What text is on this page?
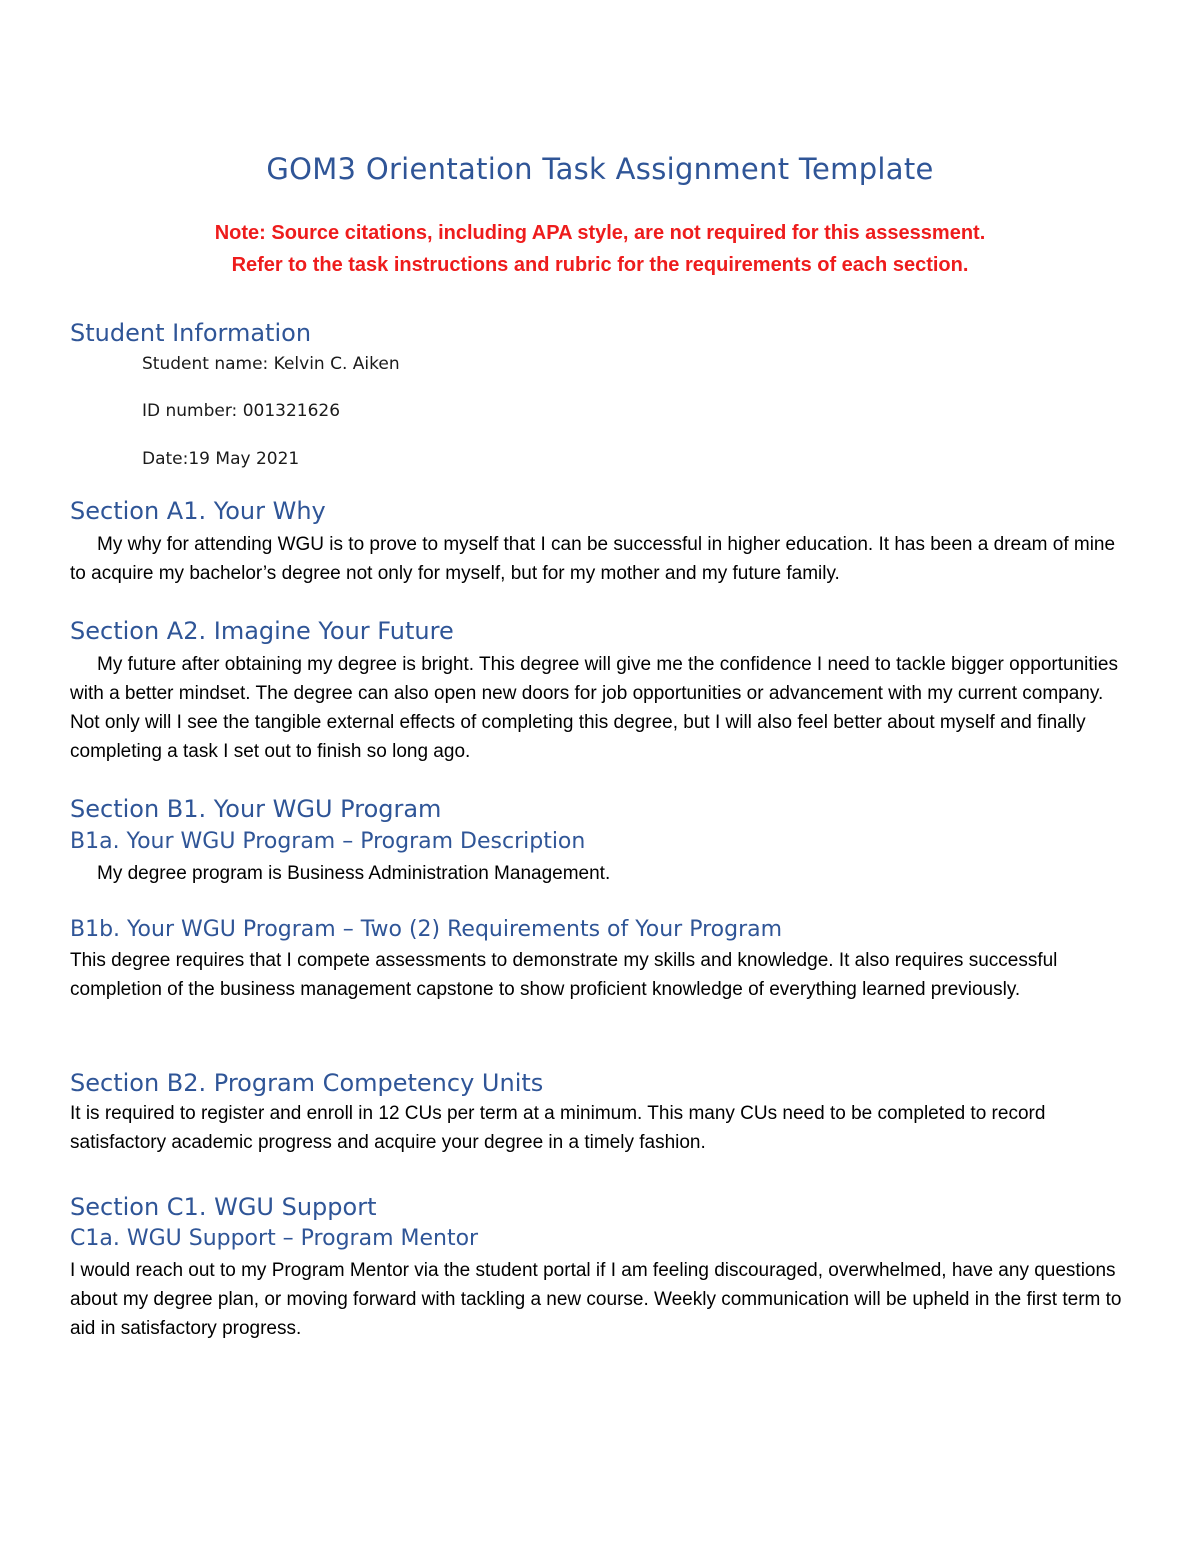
GOM3 Orientation Task Assignment Template
Note: Source citations, including APA style, are not required for this assessment.
Refer to the task instructions and rubric for the requirements of each section.
Student Information
Student name: Kelvin C. Aiken
ID number: 001321626
Date:19 May 2021
Section A1. Your Why
My why for attending WGU is to prove to myself that I can be successful in higher education. It has been a dream of mine to acquire my bachelor’s degree not only for myself, but for my mother and my future family.
Section A2. Imagine Your Future
My future after obtaining my degree is bright. This degree will give me the confidence I need to tackle bigger opportunities with a better mindset. The degree can also open new doors for job opportunities or advancement with my current company. Not only will I see the tangible external effects of completing this degree, but I will also feel better about myself and finally completing a task I set out to finish so long ago.
Section B1. Your WGU Program
B1a. Your WGU Program – Program Description
My degree program is Business Administration Management.
B1b. Your WGU Program – Two (2) Requirements of Your Program
This degree requires that I compete assessments to demonstrate my skills and knowledge. It also requires successful completion of the business management capstone to show proficient knowledge of everything learned previously.
Section B2. Program Competency Units
It is required to register and enroll in 12 CUs per term at a minimum. This many CUs need to be completed to record satisfactory academic progress and acquire your degree in a timely fashion.
Section C1. WGU Support
C1a. WGU Support – Program Mentor
I would reach out to my Program Mentor via the student portal if I am feeling discouraged, overwhelmed, have any questions about my degree plan, or moving forward with tackling a new course. Weekly communication will be upheld in the first term to aid in satisfactory progress.
